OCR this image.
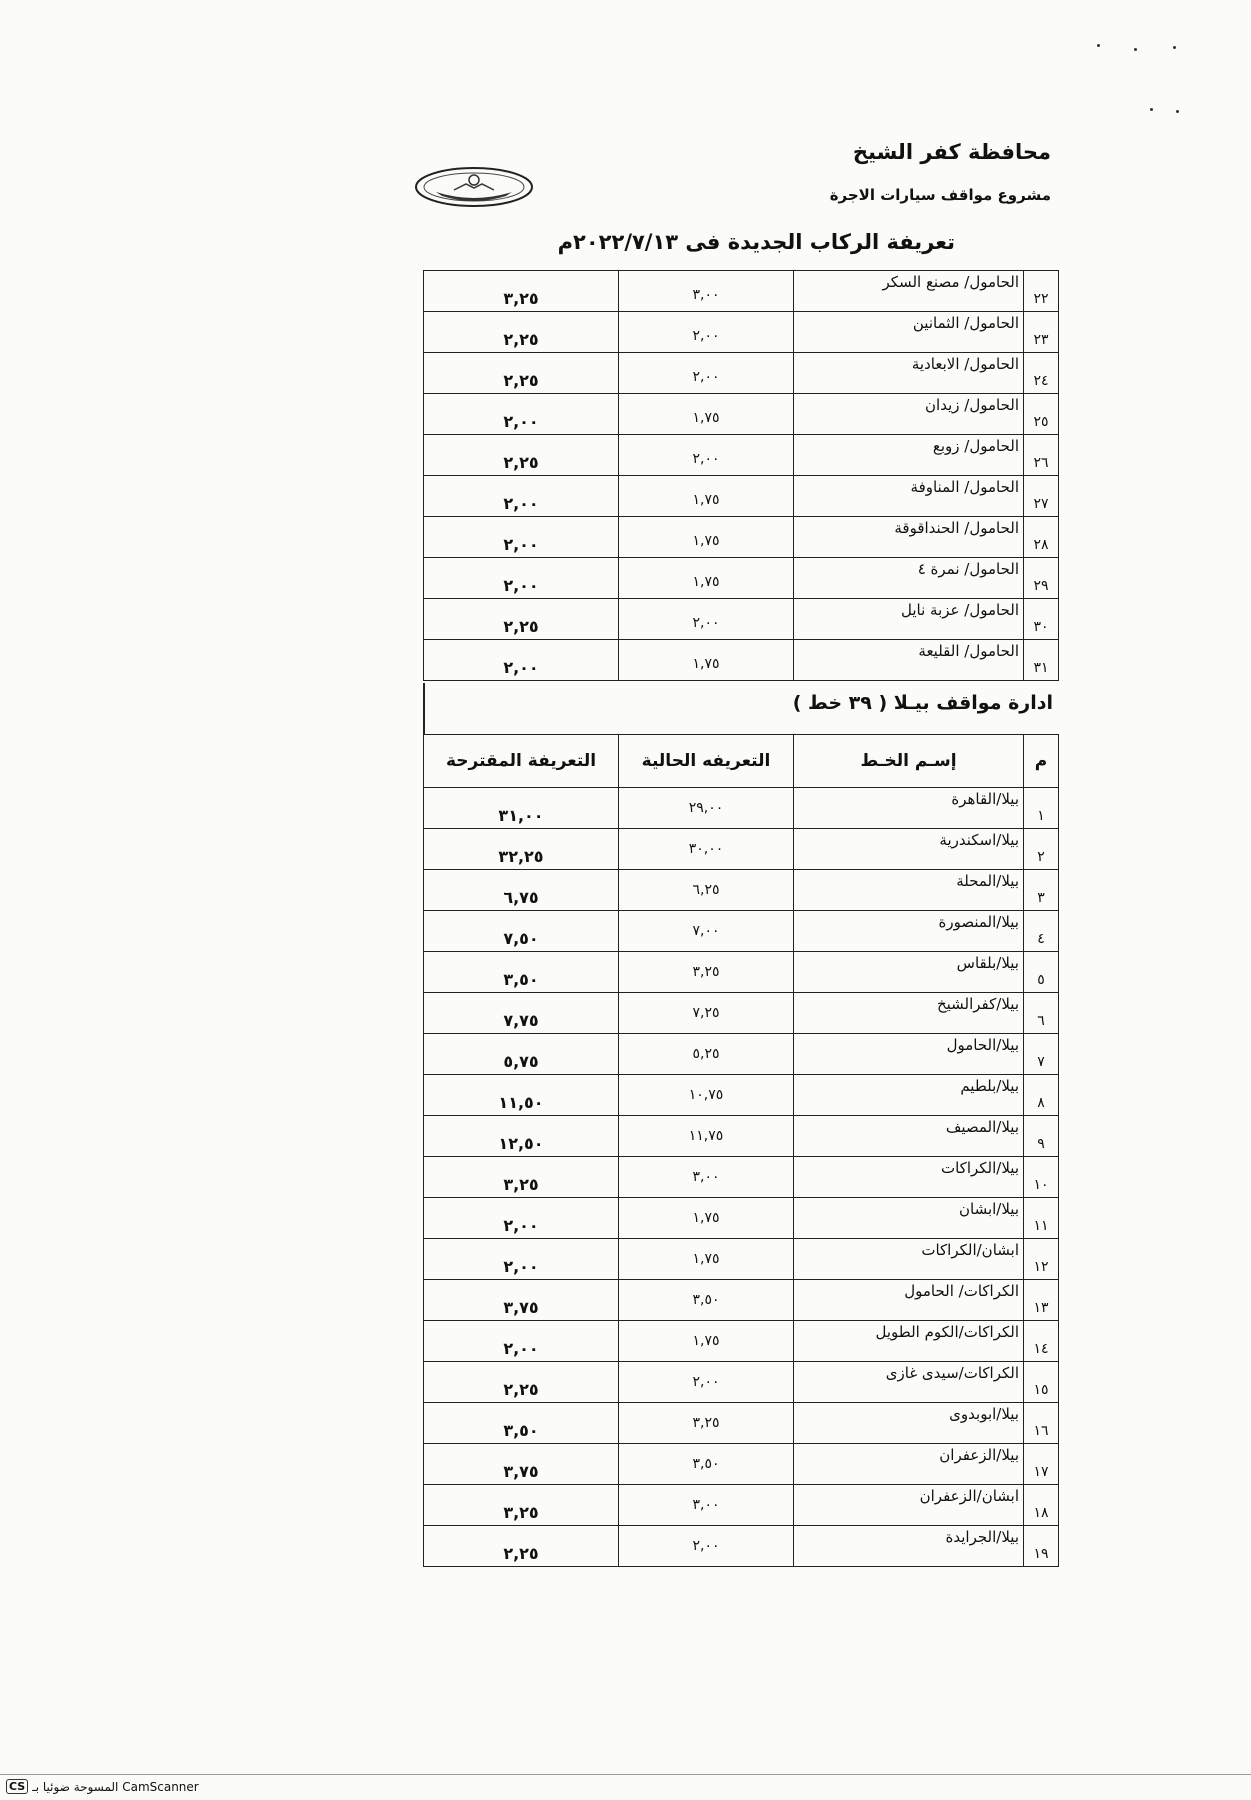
محافظة كفر الشيخ
مشروع مواقف سيارات الاجرة
تعريفة الركاب الجديدة فى ٢٠٢٢/٧/١٣م
٢٢	الحامول/ مصنع السكر	٣,٠٠	٣,٢٥
٢٣	الحامول/ الثمانين	٢,٠٠	٢,٢٥
٢٤	الحامول/ الابعادية	٢,٠٠	٢,٢٥
٢٥	الحامول/ زيدان	١,٧٥	٢,٠٠
٢٦	الحامول/ زوبع	٢,٠٠	٢,٢٥
٢٧	الحامول/ المناوفة	١,٧٥	٢,٠٠
٢٨	الحامول/ الحنداقوقة	١,٧٥	٢,٠٠
٢٩	الحامول/ نمرة ٤	١,٧٥	٢,٠٠
٣٠	الحامول/ عزبة نايل	٢,٠٠	٢,٢٥
٣١	الحامول/ القليعة	١,٧٥	٢,٠٠
ادارة مواقف بيـلا ( ٣٩ خط )
م	إسـم الخـط	التعريفه الحالية	التعريفة المقترحة
١	بيلا/القاهرة	٢٩,٠٠	٣١,٠٠
٢	بيلا/اسكندرية	٣٠,٠٠	٣٢,٢٥
٣	بيلا/المحلة	٦,٢٥	٦,٧٥
٤	بيلا/المنصورة	٧,٠٠	٧,٥٠
٥	بيلا/بلقاس	٣,٢٥	٣,٥٠
٦	بيلا/كفرالشيخ	٧,٢٥	٧,٧٥
٧	بيلا/الحامول	٥,٢٥	٥,٧٥
٨	بيلا/بلطيم	١٠,٧٥	١١,٥٠
٩	بيلا/المصيف	١١,٧٥	١٢,٥٠
١٠	بيلا/الكراكات	٣,٠٠	٣,٢٥
١١	بيلا/ابشان	١,٧٥	٢,٠٠
١٢	ابشان/الكراكات	١,٧٥	٢,٠٠
١٣	الكراكات/ الحامول	٣,٥٠	٣,٧٥
١٤	الكراكات/الكوم الطويل	١,٧٥	٢,٠٠
١٥	الكراكات/سيدى غازى	٢,٠٠	٢,٢٥
١٦	بيلا/ابوبدوى	٣,٢٥	٣,٥٠
١٧	بيلا/الزعفران	٣,٥٠	٣,٧٥
١٨	ابشان/الزعفران	٣,٠٠	٣,٢٥
١٩	بيلا/الجرايدة	٢,٠٠	٢,٢٥
CS المسوحة ضوئيا بـ CamScanner
